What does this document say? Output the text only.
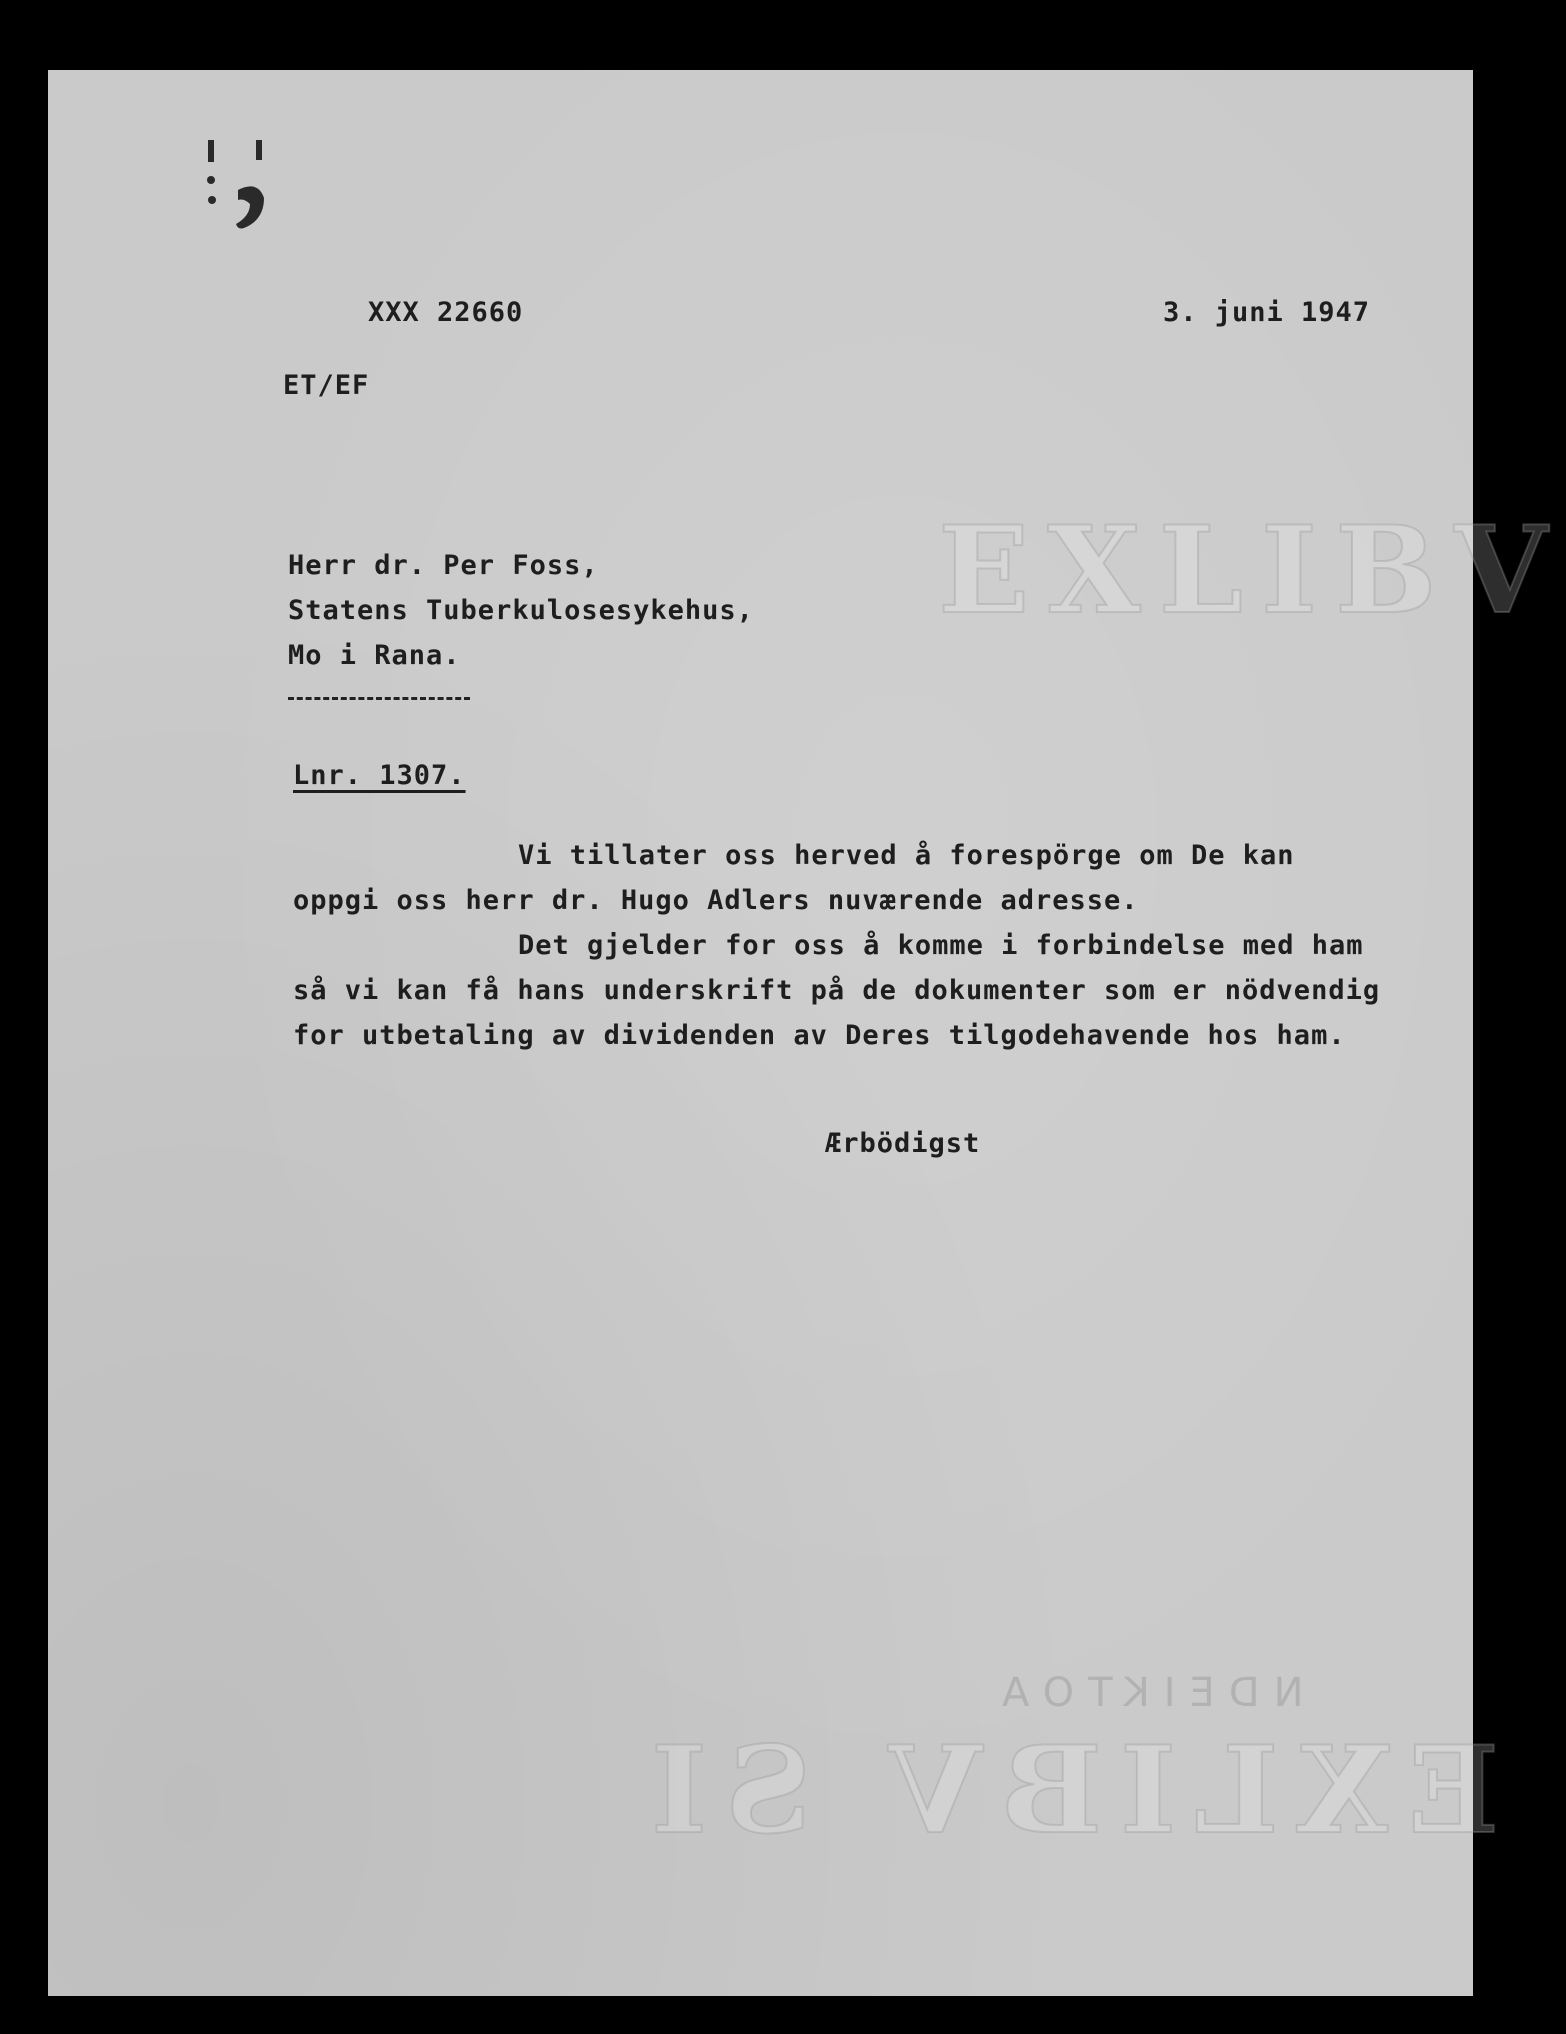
EXLIBV
EXLIBV SI
NDEIKTOA
XXX 22660	3. juni 1947
ET/EF
Herr dr. Per Foss,
Statens Tuberkulosesykehus,
Mo i Rana.
Lnr. 1307.
Vi tillater oss herved å forespörge om De kan
oppgi oss herr dr. Hugo Adlers nuværende adresse.
Det gjelder for oss å komme i forbindelse med ham
så vi kan få hans underskrift på de dokumenter som er nödvendig
for utbetaling av dividenden av Deres tilgodehavende hos ham.
Ærbödigst
